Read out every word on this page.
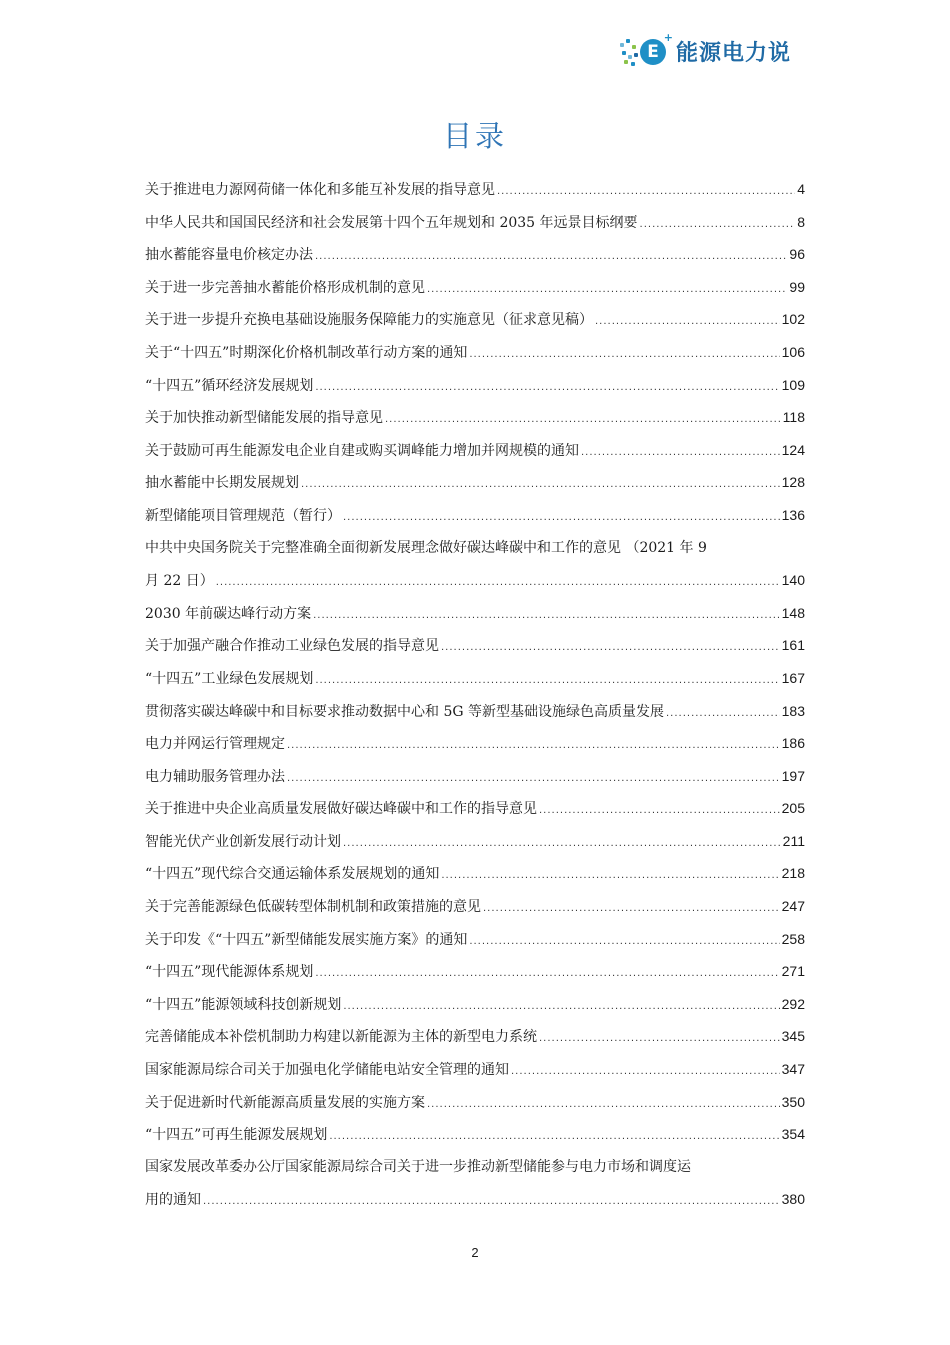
E
+
能源电力说
目录
关于推进电力源网荷储一体化和多能互补发展的指导意见 .....	4
中华人民共和国国民经济和社会发展第十四个五年规划和 2035 年远景目标纲要 .....	8
抽水蓄能容量电价核定办法 .....	96
关于进一步完善抽水蓄能价格形成机制的意见 .....	99
关于进一步提升充换电基础设施服务保障能力的实施意见（征求意见稿） .....	102
关于“十四五”时期深化价格机制改革行动方案的通知 .....	106
“十四五”循环经济发展规划 .....	109
关于加快推动新型储能发展的指导意见 .....	118
关于鼓励可再生能源发电企业自建或购买调峰能力增加并网规模的通知 .....	124
抽水蓄能中长期发展规划 .....	128
新型储能项目管理规范（暂行） .....	136
中共中央国务院关于完整准确全面彻新发展理念做好碳达峰碳中和工作的意见 （2021 年 9
月 22 日） .....	140
2030 年前碳达峰行动方案 .....	148
关于加强产融合作推动工业绿色发展的指导意见 .....	161
“十四五”工业绿色发展规划 .....	167
贯彻落实碳达峰碳中和目标要求推动数据中心和 5G 等新型基础设施绿色高质量发展 .....	183
电力并网运行管理规定 .....	186
电力辅助服务管理办法 .....	197
关于推进中央企业高质量发展做好碳达峰碳中和工作的指导意见 .....	205
智能光伏产业创新发展行动计划 .....	211
“十四五”现代综合交通运输体系发展规划的通知 .....	218
关于完善能源绿色低碳转型体制机制和政策措施的意见 .....	247
关于印发《“十四五”新型储能发展实施方案》的通知 .....	258
“十四五”现代能源体系规划 .....	271
“十四五”能源领域科技创新规划 .....	292
完善储能成本补偿机制助力构建以新能源为主体的新型电力系统 .....	345
国家能源局综合司关于加强电化学储能电站安全管理的通知 .....	347
关于促进新时代新能源高质量发展的实施方案 .....	350
“十四五”可再生能源发展规划 .....	354
国家发展改革委办公厅国家能源局综合司关于进一步推动新型储能参与电力市场和调度运
用的通知 .....	380
2
